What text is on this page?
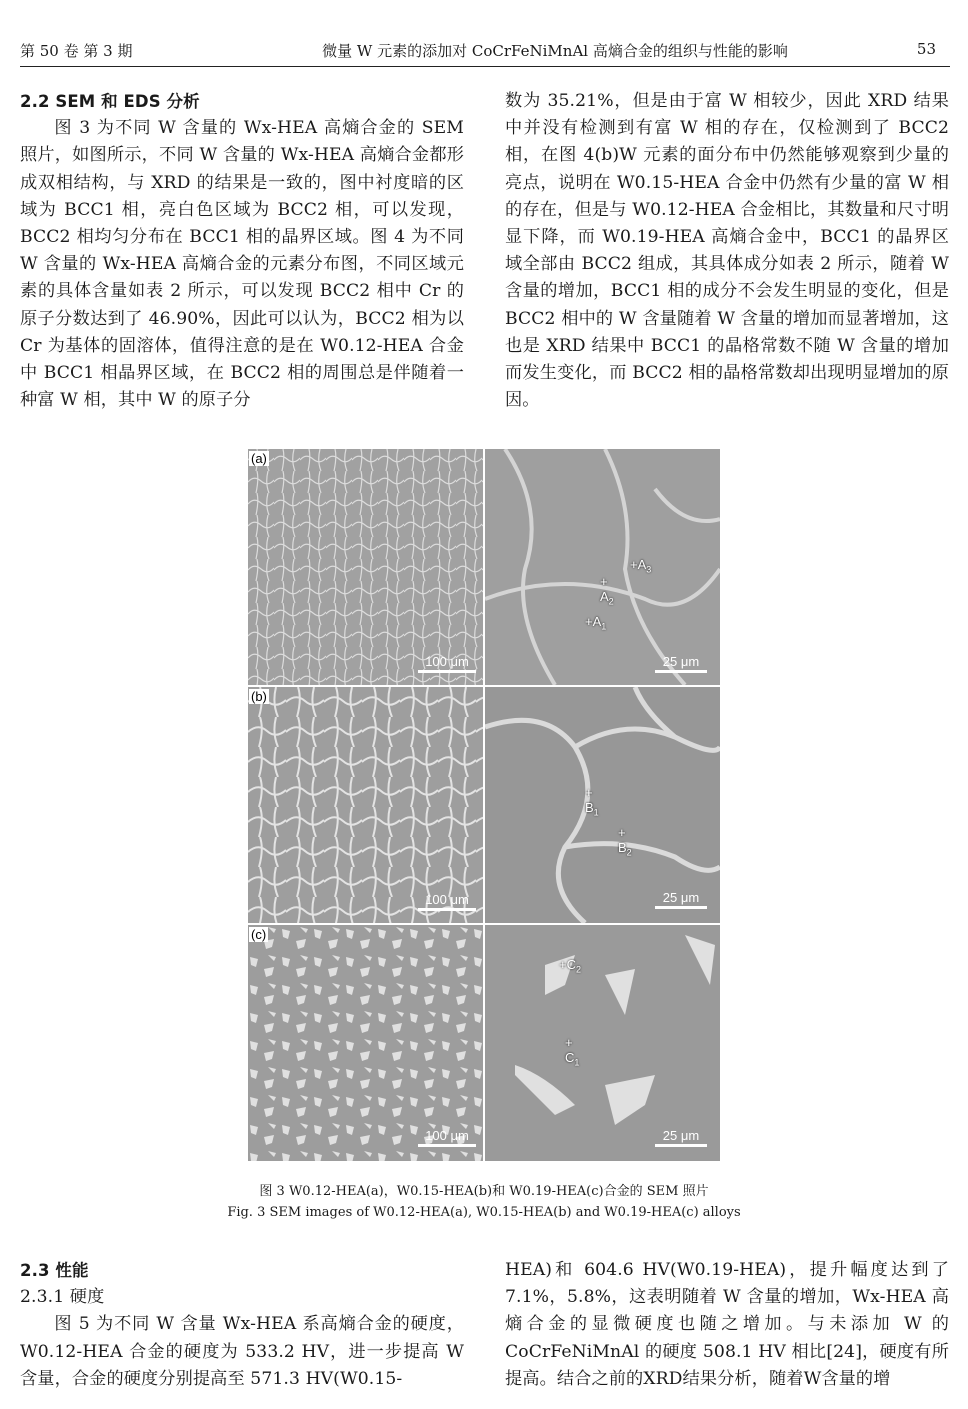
第 50 卷 第 3 期	微量 W 元素的添加对 CoCrFeNiMnAl 高熵合金的组织与性能的影响	53
2.2 SEM 和 EDS 分析

图 3 为不同 W 含量的 Wx-HEA 高熵合金的 SEM 照片，如图所示，不同 W 含量的 Wx-HEA 高熵合金都形成双相结构，与 XRD 的结果是一致的，图中衬度暗的区域为 BCC1 相，亮白色区域为 BCC2 相，可以发现，BCC2 相均匀分布在 BCC1 相的晶界区域。图 4 为不同 W 含量的 Wx-HEA 高熵合金的元素分布图，不同区域元素的具体含量如表 2 所示，可以发现 BCC2 相中 Cr 的原子分数达到了 46.90%，因此可以认为，BCC2 相为以 Cr 为基体的固溶体，值得注意的是在 W0.12-HEA 合金中 BCC1 相晶界区域，在 BCC2 相的周围总是伴随着一种富 W 相，其中 W 的原子分

数为 35.21%，但是由于富 W 相较少，因此 XRD 结果中并没有检测到有富 W 相的存在，仅检测到了 BCC2 相，在图 4(b)W 元素的面分布中仍然能够观察到少量的亮点，说明在 W0.15-HEA 合金中仍然有少量的富 W 相的存在，但是与 W0.12-HEA 合金相比，其数量和尺寸明显下降，而 W0.19-HEA 高熵合金中，BCC1 的晶界区域全部由 BCC2 组成，其具体成分如表 2 所示，随着 W 含量的增加，BCC1 相的成分不会发生明显的变化，但是 BCC2 相中的 W 含量随着 W 含量的增加而显著增加，这也是 XRD 结果中 BCC1 的晶格常数不随 W 含量的增加而发生变化，而 BCC2 相的晶格常数却出现明显增加的原因。

(a)
100 μm
$+A_3$
+
$A_2$
$+A_1$
25 μm
(b)
100 μm
+
$B_1$
+
$B_2$
25 μm
(c)
100 μm
$+C_2$
+
$C_1$
25 μm
图 3 W0.12-HEA(a)，W0.15-HEA(b)和 W0.19-HEA(c)合金的 SEM 照片
Fig. 3 SEM images of W0.12-HEA(a), W0.15-HEA(b) and W0.19-HEA(c) alloys
2.3 性能
2.3.1 硬度

图 5 为不同 W 含量 Wx-HEA 系高熵合金的硬度，W0.12-HEA 合金的硬度为 533.2 HV，进一步提高 W 含量，合金的硬度分别提高至 571.3 HV(W0.15-

HEA)和 604.6 HV(W0.19-HEA)，提升幅度达到了 7.1%，5.8%，这表明随着 W 含量的增加，Wx-HEA 高熵合金的显微硬度也随之增加。与未添加 W 的 CoCrFeNiMnAl 的硬度 508.1 HV 相比[24]，硬度有所提高。结合之前的XRD结果分析，随着W含量的增
